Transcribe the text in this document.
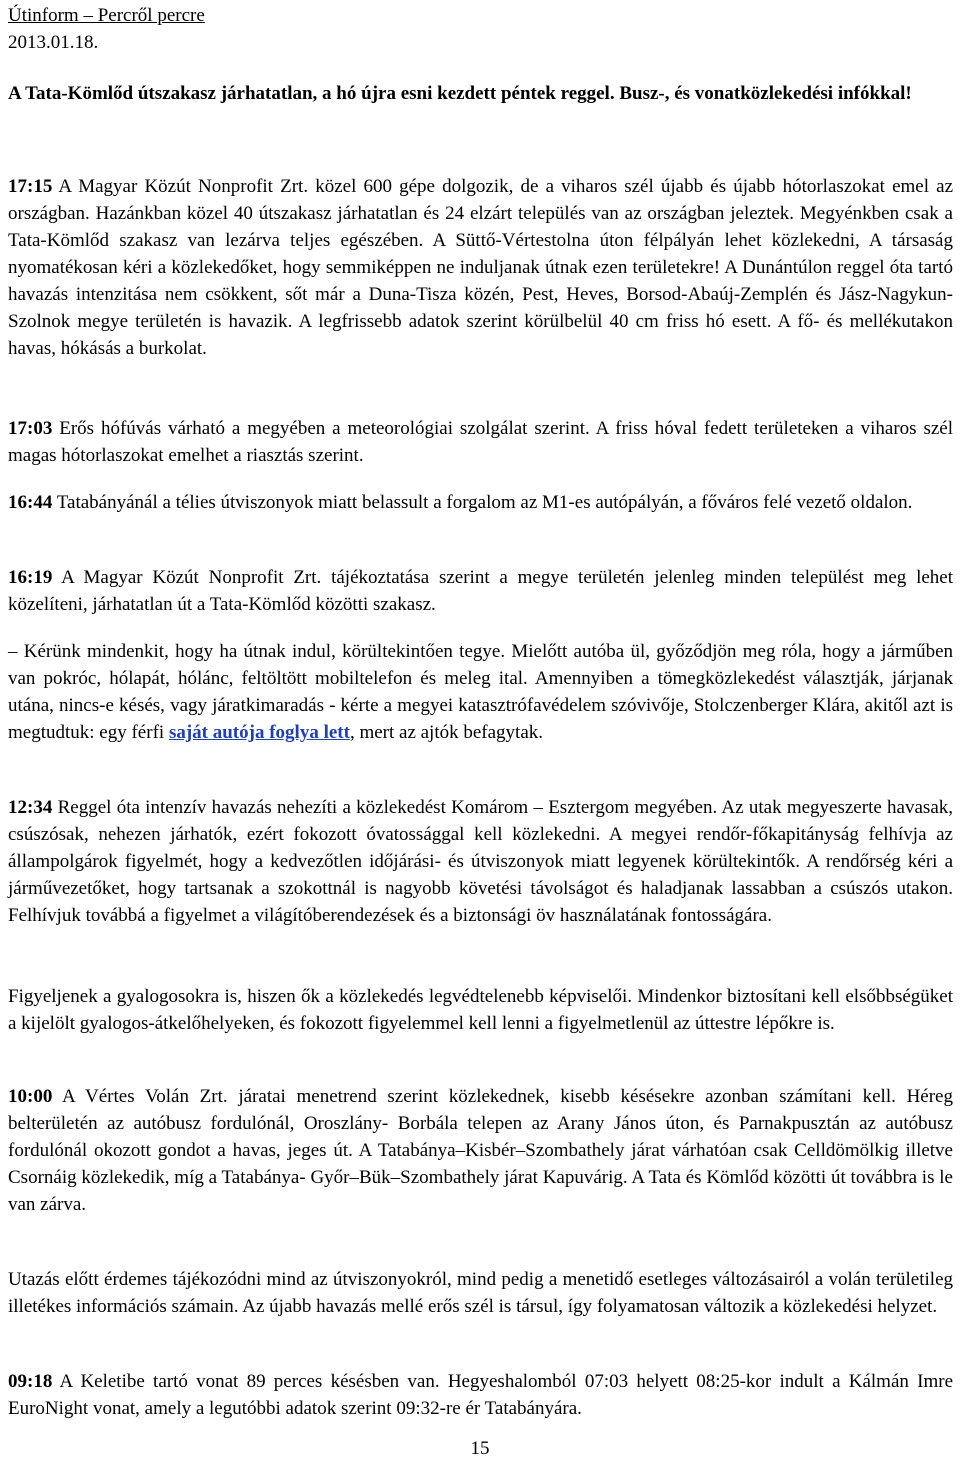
Útinform – Percről percre
2013.01.18.
A Tata-Kömlőd útszakasz járhatatlan, a hó újra esni kezdett péntek reggel. Busz-, és vonatközlekedési infókkal!

17:15 A Magyar Közút Nonprofit Zrt. közel 600 gépe dolgozik, de a viharos szél újabb és újabb hótorlaszokat emel az országban. Hazánkban közel 40 útszakasz járhatatlan és 24 elzárt település van az országban jeleztek. Megyénkben csak a Tata-Kömlőd szakasz van lezárva teljes egészében. A Süttő-Vértestolna úton félpályán lehet közlekedni, A társaság nyomatékosan kéri a közlekedőket, hogy semmiképpen ne induljanak útnak ezen területekre! A Dunántúlon reggel óta tartó havazás intenzitása nem csökkent, sőt már a Duna-Tisza közén, Pest, Heves, Borsod-Abaúj-Zemplén és Jász-Nagykun-Szolnok megye területén is havazik. A legfrissebb adatok szerint körülbelül 40 cm friss hó esett. A fő- és mellékutakon havas, hókásás a burkolat.

17:03 Erős hófúvás várható a megyében a meteorológiai szolgálat szerint. A friss hóval fedett területeken a viharos szél magas hótorlaszokat emelhet a riasztás szerint.

16:44 Tatabányánál a télies útviszonyok miatt belassult a forgalom az M1-es autópályán, a főváros felé vezető oldalon.

16:19 A Magyar Közút Nonprofit Zrt. tájékoztatása szerint a megye területén jelenleg minden települést meg lehet közelíteni, járhatatlan út a Tata-Kömlőd közötti szakasz.

– Kérünk mindenkit, hogy ha útnak indul, körültekintően tegye. Mielőtt autóba ül, győződjön meg róla, hogy a járműben van pokróc, hólapát, hólánc, feltöltött mobiltelefon és meleg ital. Amennyiben a tömegközlekedést választják, járjanak utána, nincs-e késés, vagy járatkimaradás - kérte a megyei katasztrófavédelem szóvivője, Stolczenberger Klára, akitől azt is megtudtuk: egy férfi saját autója foglya lett, mert az ajtók befagytak.

12:34 Reggel óta intenzív havazás nehezíti a közlekedést Komárom – Esztergom megyében. Az utak megyeszerte havasak, csúszósak, nehezen járhatók, ezért fokozott óvatossággal kell közlekedni. A megyei rendőr-főkapitányság felhívja az állampolgárok figyelmét, hogy a kedvezőtlen időjárási- és útviszonyok miatt legyenek körültekintők. A rendőrség kéri a járművezetőket, hogy tartsanak a szokottnál is nagyobb követési távolságot és haladjanak lassabban a csúszós utakon. Felhívjuk továbbá a figyelmet a világítóberendezések és a biztonsági öv használatának fontosságára.

Figyeljenek a gyalogosokra is, hiszen ők a közlekedés legvédtelenebb képviselői. Mindenkor biztosítani kell elsőbbségüket a kijelölt gyalogos-átkelőhelyeken, és fokozott figyelemmel kell lenni a figyelmetlenül az úttestre lépőkre is.

10:00 A Vértes Volán Zrt. járatai menetrend szerint közlekednek, kisebb késésekre azonban számítani kell. Héreg belterületén az autóbusz fordulónál, Oroszlány- Borbála telepen az Arany János úton, és Parnakpusztán az autóbusz fordulónál okozott gondot a havas, jeges út. A Tatabánya–Kisbér–Szombathely járat várhatóan csak Celldömölkig illetve Csornáig közlekedik, míg a Tatabánya- Győr–Bük–Szombathely járat Kapuvárig. A Tata és Kömlőd közötti út továbbra is le van zárva.

Utazás előtt érdemes tájékozódni mind az útviszonyokról, mind pedig a menetidő esetleges változásairól a volán területileg illetékes információs számain. Az újabb havazás mellé erős szél is társul, így folyamatosan változik a közlekedési helyzet.

09:18 A Keletibe tartó vonat 89 perces késésben van. Hegyeshalomból 07:03 helyett 08:25-kor indult a Kálmán Imre EuroNight vonat, amely a legutóbbi adatok szerint 09:32-re ér Tatabányára.

15
